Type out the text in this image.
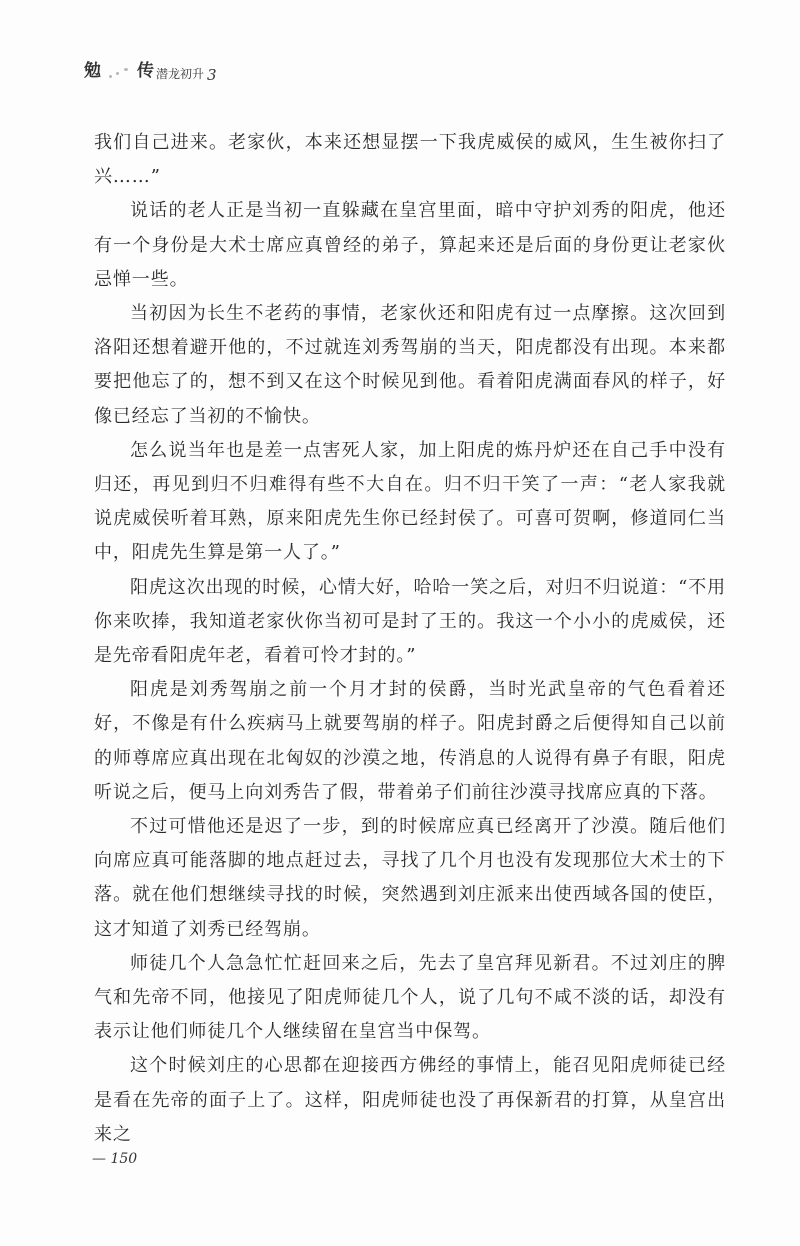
勉 传 潜龙初升 3

我们自己进来。老家伙，本来还想显摆一下我虎威侯的威风，生生被你扫了兴……”

说话的老人正是当初一直躲藏在皇宫里面，暗中守护刘秀的阳虎，他还有一个身份是大术士席应真曾经的弟子，算起来还是后面的身份更让老家伙忌惮一些。

当初因为长生不老药的事情，老家伙还和阳虎有过一点摩擦。这次回到洛阳还想着避开他的，不过就连刘秀驾崩的当天，阳虎都没有出现。本来都要把他忘了的，想不到又在这个时候见到他。看着阳虎满面春风的样子，好像已经忘了当初的不愉快。

怎么说当年也是差一点害死人家，加上阳虎的炼丹炉还在自己手中没有归还，再见到归不归难得有些不大自在。归不归干笑了一声：“老人家我就说虎威侯听着耳熟，原来阳虎先生你已经封侯了。可喜可贺啊，修道同仁当中，阳虎先生算是第一人了。”

阳虎这次出现的时候，心情大好，哈哈一笑之后，对归不归说道：“不用你来吹捧，我知道老家伙你当初可是封了王的。我这一个小小的虎威侯，还是先帝看阳虎年老，看着可怜才封的。”

阳虎是刘秀驾崩之前一个月才封的侯爵，当时光武皇帝的气色看着还好，不像是有什么疾病马上就要驾崩的样子。阳虎封爵之后便得知自己以前的师尊席应真出现在北匈奴的沙漠之地，传消息的人说得有鼻子有眼，阳虎听说之后，便马上向刘秀告了假，带着弟子们前往沙漠寻找席应真的下落。

不过可惜他还是迟了一步，到的时候席应真已经离开了沙漠。随后他们向席应真可能落脚的地点赶过去，寻找了几个月也没有发现那位大术士的下落。就在他们想继续寻找的时候，突然遇到刘庄派来出使西域各国的使臣，这才知道了刘秀已经驾崩。

师徒几个人急急忙忙赶回来之后，先去了皇宫拜见新君。不过刘庄的脾气和先帝不同，他接见了阳虎师徒几个人，说了几句不咸不淡的话，却没有表示让他们师徒几个人继续留在皇宫当中保驾。

这个时候刘庄的心思都在迎接西方佛经的事情上，能召见阳虎师徒已经是看在先帝的面子上了。这样，阳虎师徒也没了再保新君的打算，从皇宫出来之

— 150
